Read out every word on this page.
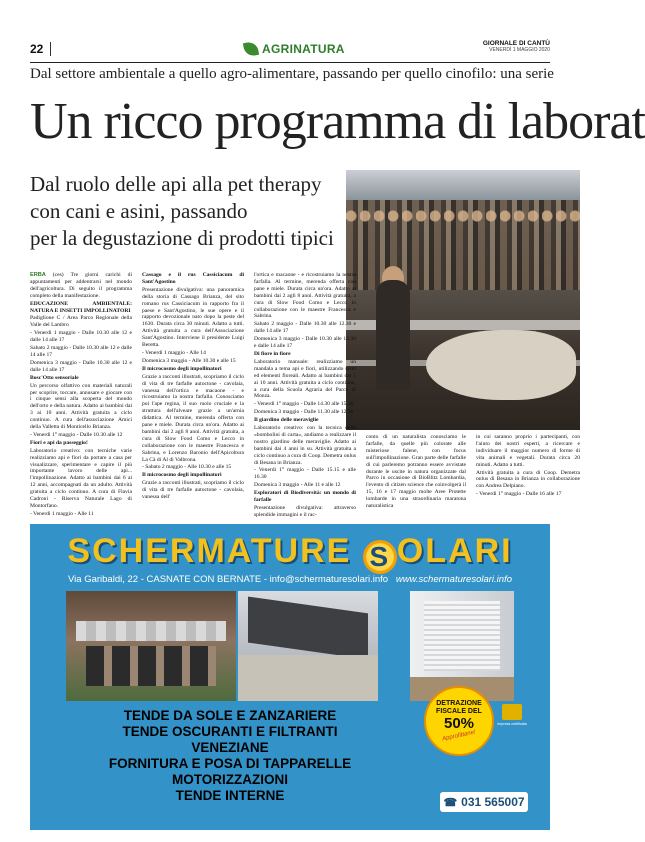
22	AGRINATURA	GIORNALE DI CANTÙ
VENERDÌ 1 MAGGIO 2020
Dal settore ambientale a quello agro-alimentare, passando per quello cinofilo: una serie
Un ricco programma di laborat
Dal ruolo delle api alla pet therapy
con cani e asini, passando
per la degustazione di prodotti tipici

ERBA (ces) Tre giorni carichi di appuntamenti per addentrarsi nel mondo dell'agricoltura. Di seguito il programma completo della manifestazione.

EDUCAZIONE AMBIENTALE: NATURA E INSETTI IMPOLLINATORI

Padiglione C / Area Parco Regionale della Valle del Lambro

- Venerdì 1 maggio - Dalle 10.30 alle 12 e dalle 14 alle 17

Sabato 2 maggio - Dalle 10.30 alle 12 e dalle 14 alle 17

Domenica 3 maggio - Dalle 10.30 alle 12 e dalle 14 alle 17

Bosc'Otto sensoriale

Un percorso olfattivo con materiali naturali per scoprire, toccare, annusare e giocare con i cinque sensi alla scoperta del mondo dell'orto e della natura. Adatto ai bambini dai 3 ai 10 anni. Attività gratuita a ciclo continuo. A cura dell'associazione Amici della Valletta di Monticello Brianza.

- Venerdì 1° maggio - Dalle 10.30 alle 12

Fiori e api da passeggio!

Laboratorio creativo: con tecniche varie realizziamo api e fiori da portare a casa per visualizzare, sperimentare e capire il più importante lavoro delle api... l'impollinazione. Adatto ai bambini dai 6 ai 12 anni, accompagnati da un adulto. Attività gratuita a ciclo continuo. A cura di Flavia Cadroni - Riserva Naturale Lago di Montorfano.

- Venerdì 1 maggio - Alle 11

Cassago e il rus Cassiciacum di Sant'Agostino

Presentazione divulgativa: una panoramica della storia di Cassago Brianza, del sito romano rus Cassiciacum in rapporto fra il paese e Sant'Agostino, le sue opere e il rapporto devozionale nato dopo la peste del 1630. Durata circa 30 minuti. Adatto a tutti. Attività gratuita a cura dell'Associazione Sant'Agostino. Interviene il presidente Luigi Beretta.

- Venerdì 1 maggio - Alle 14

Domenica 3 maggio - Alle 10.30 e alle 15

Il microcosmo degli impollinatori

Grazie a racconti illustrati, scopriamo il ciclo di vita di tre farfalle autoctone - cavolaia, vanessa dell'ortica e macaone - e ricostruiamo la nostra farfalla. Conosciamo poi l'ape regina, il suo ruolo cruciale e la struttura dell'alveare grazie a un'arnia didattica. Al termine, merenda offerta con pane e miele. Durata circa un'ora. Adatto ai bambini dai 2 agli 8 anni. Attività gratuita, a cura di Slow Food Como e Lecco in collaborazione con le maestre Francesca e Sabrina, e Lorenzo Baronio dell'Apicoltura La Cà di Al di Valbrona.

- Sabato 2 maggio - Alle 10.30 e alle 15

Il microcosmo degli impollinatori

Grazie a racconti illustrati, scopriamo il ciclo di vita di tre farfalle autoctone - cavolaia, vanessa dell'

l'ortica e macaone - e ricostruiamo la nostra farfalla. Al termine, merenda offerta con pane e miele. Durata circa un'ora. Adatto ai bambini dai 2 agli 8 anni. Attività gratuita, a cura di Slow Food Como e Lecco in collaborazione con le maestre Francesca e Sabrina.

Sabato 2 maggio - Dalle 10.30 alle 12.30 e dalle 14 alle 17

Domenica 3 maggio - Dalle 10.30 alle 12.30 e dalle 14 alle 17

Di fiore in fiore

Laboratorio manuale: realizziamo un mandala a tema api e fiori, utilizzando semi ed elementi floreali. Adatto ai bambini dai 5 ai 10 anni. Attività gratuita a ciclo continuo, a cura della Scuola Agraria del Parco di Monza.

- Venerdì 1° maggio - Dalle 14.30 alle 15.30

Domenica 3 maggio - Dalle 11.30 alle 12.30

Il giardino delle meraviglie

Laboratorio creativo: con la tecnica delle «bombolini di carta», andiamo a realizzare il nostro giardino delle meraviglie. Adatto ai bambini dai 4 anni in su. Attività gratuita a ciclo continuo a cura di Coop. Demetra onlus di Besana in Brianza.

- Venerdì 1° maggio - Dalle 15.15 e alle 16.30

Domenica 3 maggio - Alle 11 e alle 12

Esploratori di Biodiversità: un mondo di farfalle

Presentazione divulgativa: attraverso splendide immagini e il rac-

conto di un naturalista conosciamo le farfalle, da quelle più colorate alle misteriose falene, con focus sull'impollinazione. Gran parte delle farfalle di cui parleremo potranno essere avvistate durante le uscite in natura organizzate dal Parco in occasione di BioBlitz Lombardia, l'evento di citizen science che coinvolgerà il 15, 16 e 17 maggio molte Aree Protette lombarde in una straordinaria maratona naturalistica

in cui saranno proprio i partecipanti, con l'aiuto dei nostri esperti, a ricercare e individuare il maggior numero di forme di vita animali e vegetali. Durata circa 20 minuti. Adatto a tutti.

Attività gratuita a cura di Coop. Demetra onlus di Besana in Brianza in collaborazione con Andrea Delpiano.

- Venerdì 1° maggio - Dalle 16 alle 17

SCHERMATURE S OLARI
Via Garibaldi, 22 - CASNATE CON BERNATE - info@schermaturesolari.info www.schermaturesolari.info
TENDE DA SOLE E ZANZARIERE
TENDE OSCURANTI E FILTRANTI
VENEZIANE
FORNITURA E POSA DI TAPPARELLE
MOTORIZZAZIONI
TENDE INTERNE
DETRAZIONE
FISCALE DEL
50%
Approfittane!
Impresa certificata
☎ 031 565007
